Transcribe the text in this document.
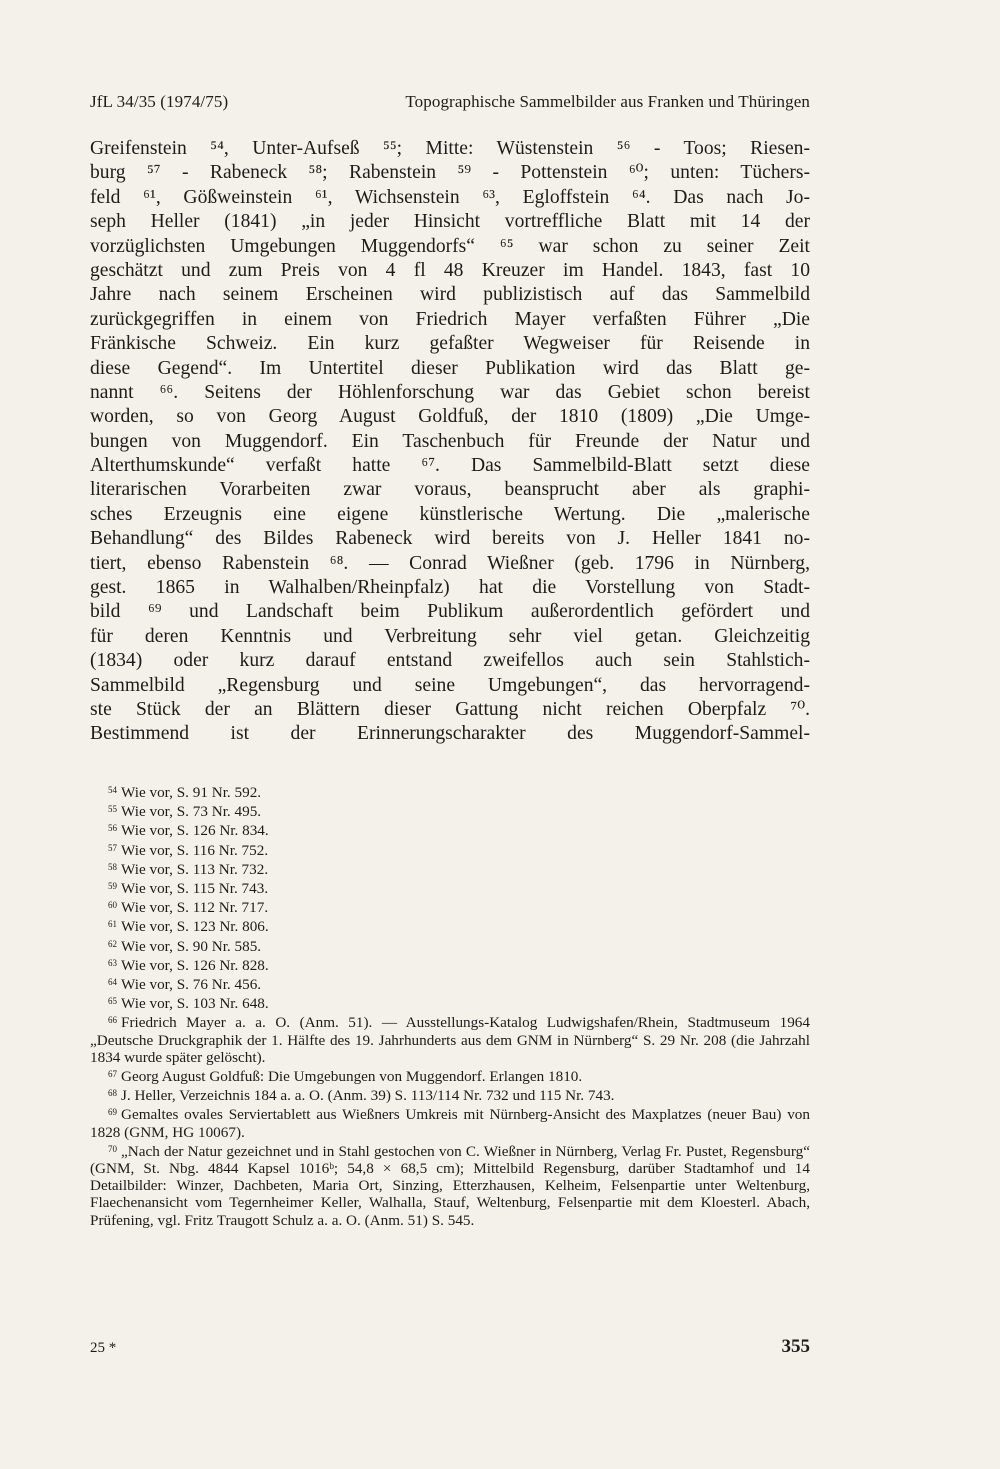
JfL 34/35 (1974/75)	Topographische Sammelbilder aus Franken und Thüringen
Greifenstein ⁵⁴, Unter-Aufseß ⁵⁵; Mitte: Wüstenstein ⁵⁶ - Toos; Riesen-
burg ⁵⁷ - Rabeneck ⁵⁸; Rabenstein ⁵⁹ - Pottenstein ⁶⁰; unten: Tüchers-
feld ⁶¹, Gößweinstein ⁶¹, Wichsenstein ⁶³, Egloffstein ⁶⁴. Das nach Jo-
seph Heller (1841) „in jeder Hinsicht vortreffliche Blatt mit 14 der
vorzüglichsten Umgebungen Muggendorfs“ ⁶⁵ war schon zu seiner Zeit
geschätzt und zum Preis von 4 fl 48 Kreuzer im Handel. 1843, fast 10
Jahre nach seinem Erscheinen wird publizistisch auf das Sammelbild
zurückgegriffen in einem von Friedrich Mayer verfaßten Führer „Die
Fränkische Schweiz. Ein kurz gefaßter Wegweiser für Reisende in
diese Gegend“. Im Untertitel dieser Publikation wird das Blatt ge-
nannt ⁶⁶. Seitens der Höhlenforschung war das Gebiet schon bereist
worden, so von Georg August Goldfuß, der 1810 (1809) „Die Umge-
bungen von Muggendorf. Ein Taschenbuch für Freunde der Natur und
Alterthumskunde“ verfaßt hatte ⁶⁷. Das Sammelbild-Blatt setzt diese
literarischen Vorarbeiten zwar voraus, beansprucht aber als graphi-
sches Erzeugnis eine eigene künstlerische Wertung. Die „malerische
Behandlung“ des Bildes Rabeneck wird bereits von J. Heller 1841 no-
tiert, ebenso Rabenstein ⁶⁸. — Conrad Wießner (geb. 1796 in Nürnberg,
gest. 1865 in Walhalben/Rheinpfalz) hat die Vorstellung von Stadt-
bild ⁶⁹ und Landschaft beim Publikum außerordentlich gefördert und
für deren Kenntnis und Verbreitung sehr viel getan. Gleichzeitig
(1834) oder kurz darauf entstand zweifellos auch sein Stahlstich-
Sammelbild „Regensburg und seine Umgebungen“, das hervorragend-
ste Stück der an Blättern dieser Gattung nicht reichen Oberpfalz ⁷⁰.
Bestimmend ist der Erinnerungscharakter des Muggendorf-Sammel-
$^{54}$ Wie vor, S. 91 Nr. 592.
$^{55}$ Wie vor, S. 73 Nr. 495.
$^{56}$ Wie vor, S. 126 Nr. 834.
$^{57}$ Wie vor, S. 116 Nr. 752.
$^{58}$ Wie vor, S. 113 Nr. 732.
$^{59}$ Wie vor, S. 115 Nr. 743.
$^{60}$ Wie vor, S. 112 Nr. 717.
$^{61}$ Wie vor, S. 123 Nr. 806.
$^{62}$ Wie vor, S. 90 Nr. 585.
$^{63}$ Wie vor, S. 126 Nr. 828.
$^{64}$ Wie vor, S. 76 Nr. 456.
$^{65}$ Wie vor, S. 103 Nr. 648.
$^{66}$ Friedrich Mayer a. a. O. (Anm. 51). — Ausstellungs-Katalog Ludwigshafen/Rhein, Stadtmuseum 1964 „Deutsche Druckgraphik der 1. Hälfte des 19. Jahrhunderts aus dem GNM in Nürnberg“ S. 29 Nr. 208 (die Jahrzahl 1834 wurde später gelöscht).
$^{67}$ Georg August Goldfuß: Die Umgebungen von Muggendorf. Erlangen 1810.
$^{68}$ J. Heller, Verzeichnis 184 a. a. O. (Anm. 39) S. 113/114 Nr. 732 und 115 Nr. 743.
$^{69}$ Gemaltes ovales Serviertablett aus Wießners Umkreis mit Nürnberg-Ansicht des Maxplatzes (neuer Bau) von 1828 (GNM, HG 10067).
$^{70}$ „Nach der Natur gezeichnet und in Stahl gestochen von C. Wießner in Nürnberg, Verlag Fr. Pustet, Regensburg“ (GNM, St. Nbg. 4844 Kapsel 1016ᵇ; 54,8 × 68,5 cm); Mittelbild Regensburg, darüber Stadtamhof und 14 Detailbilder: Winzer, Dachbeten, Maria Ort, Sinzing, Etterzhausen, Kelheim, Felsenpartie unter Weltenburg, Flaechenansicht vom Tegernheimer Keller, Walhalla, Stauf, Weltenburg, Felsenpartie mit dem Kloesterl. Abach, Prüfening, vgl. Fritz Traugott Schulz a. a. O. (Anm. 51) S. 545.
25 *	355
